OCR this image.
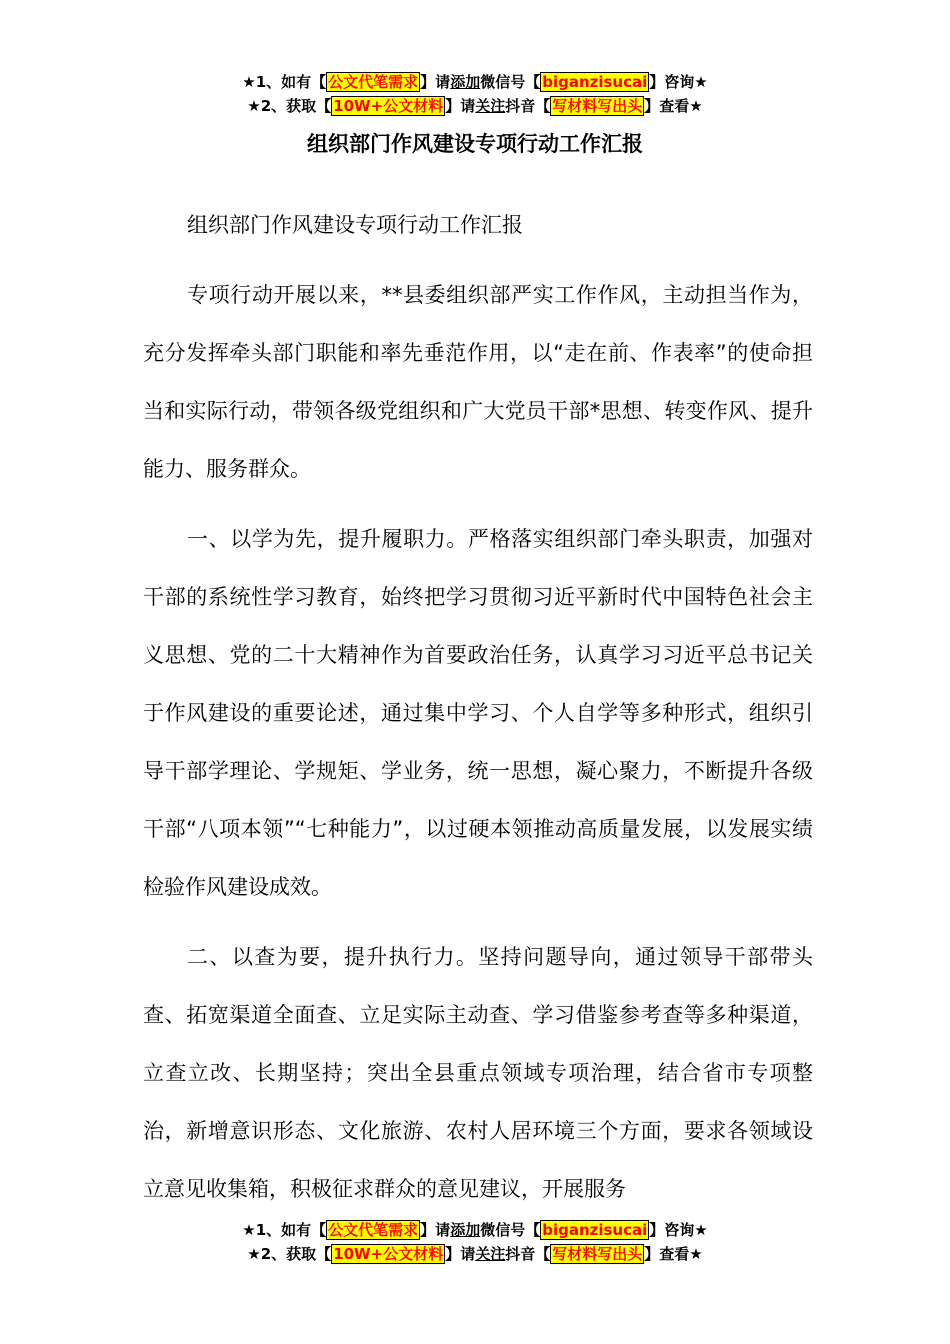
★1、如有【 公文代笔需求 】请添加微信号【 biganzisucai 】咨询★
★2、获取【 10W+公文材料 】请关注抖音【 写材料写出头 】查看★
组织部门作风建设专项行动工作汇报

组织部门作风建设专项行动工作汇报

专项行动开展以来，**县委组织部严实工作作风，主动担当作为，充分发挥牵头部门职能和率先垂范作用，以“走在前、作表率”的使命担当和实际行动，带领各级党组织和广大党员干部*思想、转变作风、提升能力、服务群众。

一、以学为先，提升履职力。严格落实组织部门牵头职责，加强对干部的系统性学习教育，始终把学习贯彻习近平新时代中国特色社会主义思想、党的二十大精神作为首要政治任务，认真学习习近平总书记关于作风建设的重要论述，通过集中学习、个人自学等多种形式，组织引导干部学理论、学规矩、学业务，统一思想，凝心聚力，不断提升各级干部“八项本领”“七种能力”，以过硬本领推动高质量发展，以发展实绩检验作风建设成效。

二、以查为要，提升执行力。坚持问题导向，通过领导干部带头查、拓宽渠道全面查、立足实际主动查、学习借鉴参考查等多种渠道，立查立改、长期坚持；突出全县重点领域专项治理，结合省市专项整治，新增意识形态、文化旅游、农村人居环境三个方面，要求各领域设立意见收集箱，积极征求群众的意见建议，开展服务

★1、如有【 公文代笔需求 】请添加微信号【 biganzisucai 】咨询★
★2、获取【 10W+公文材料 】请关注抖音【 写材料写出头 】查看★
